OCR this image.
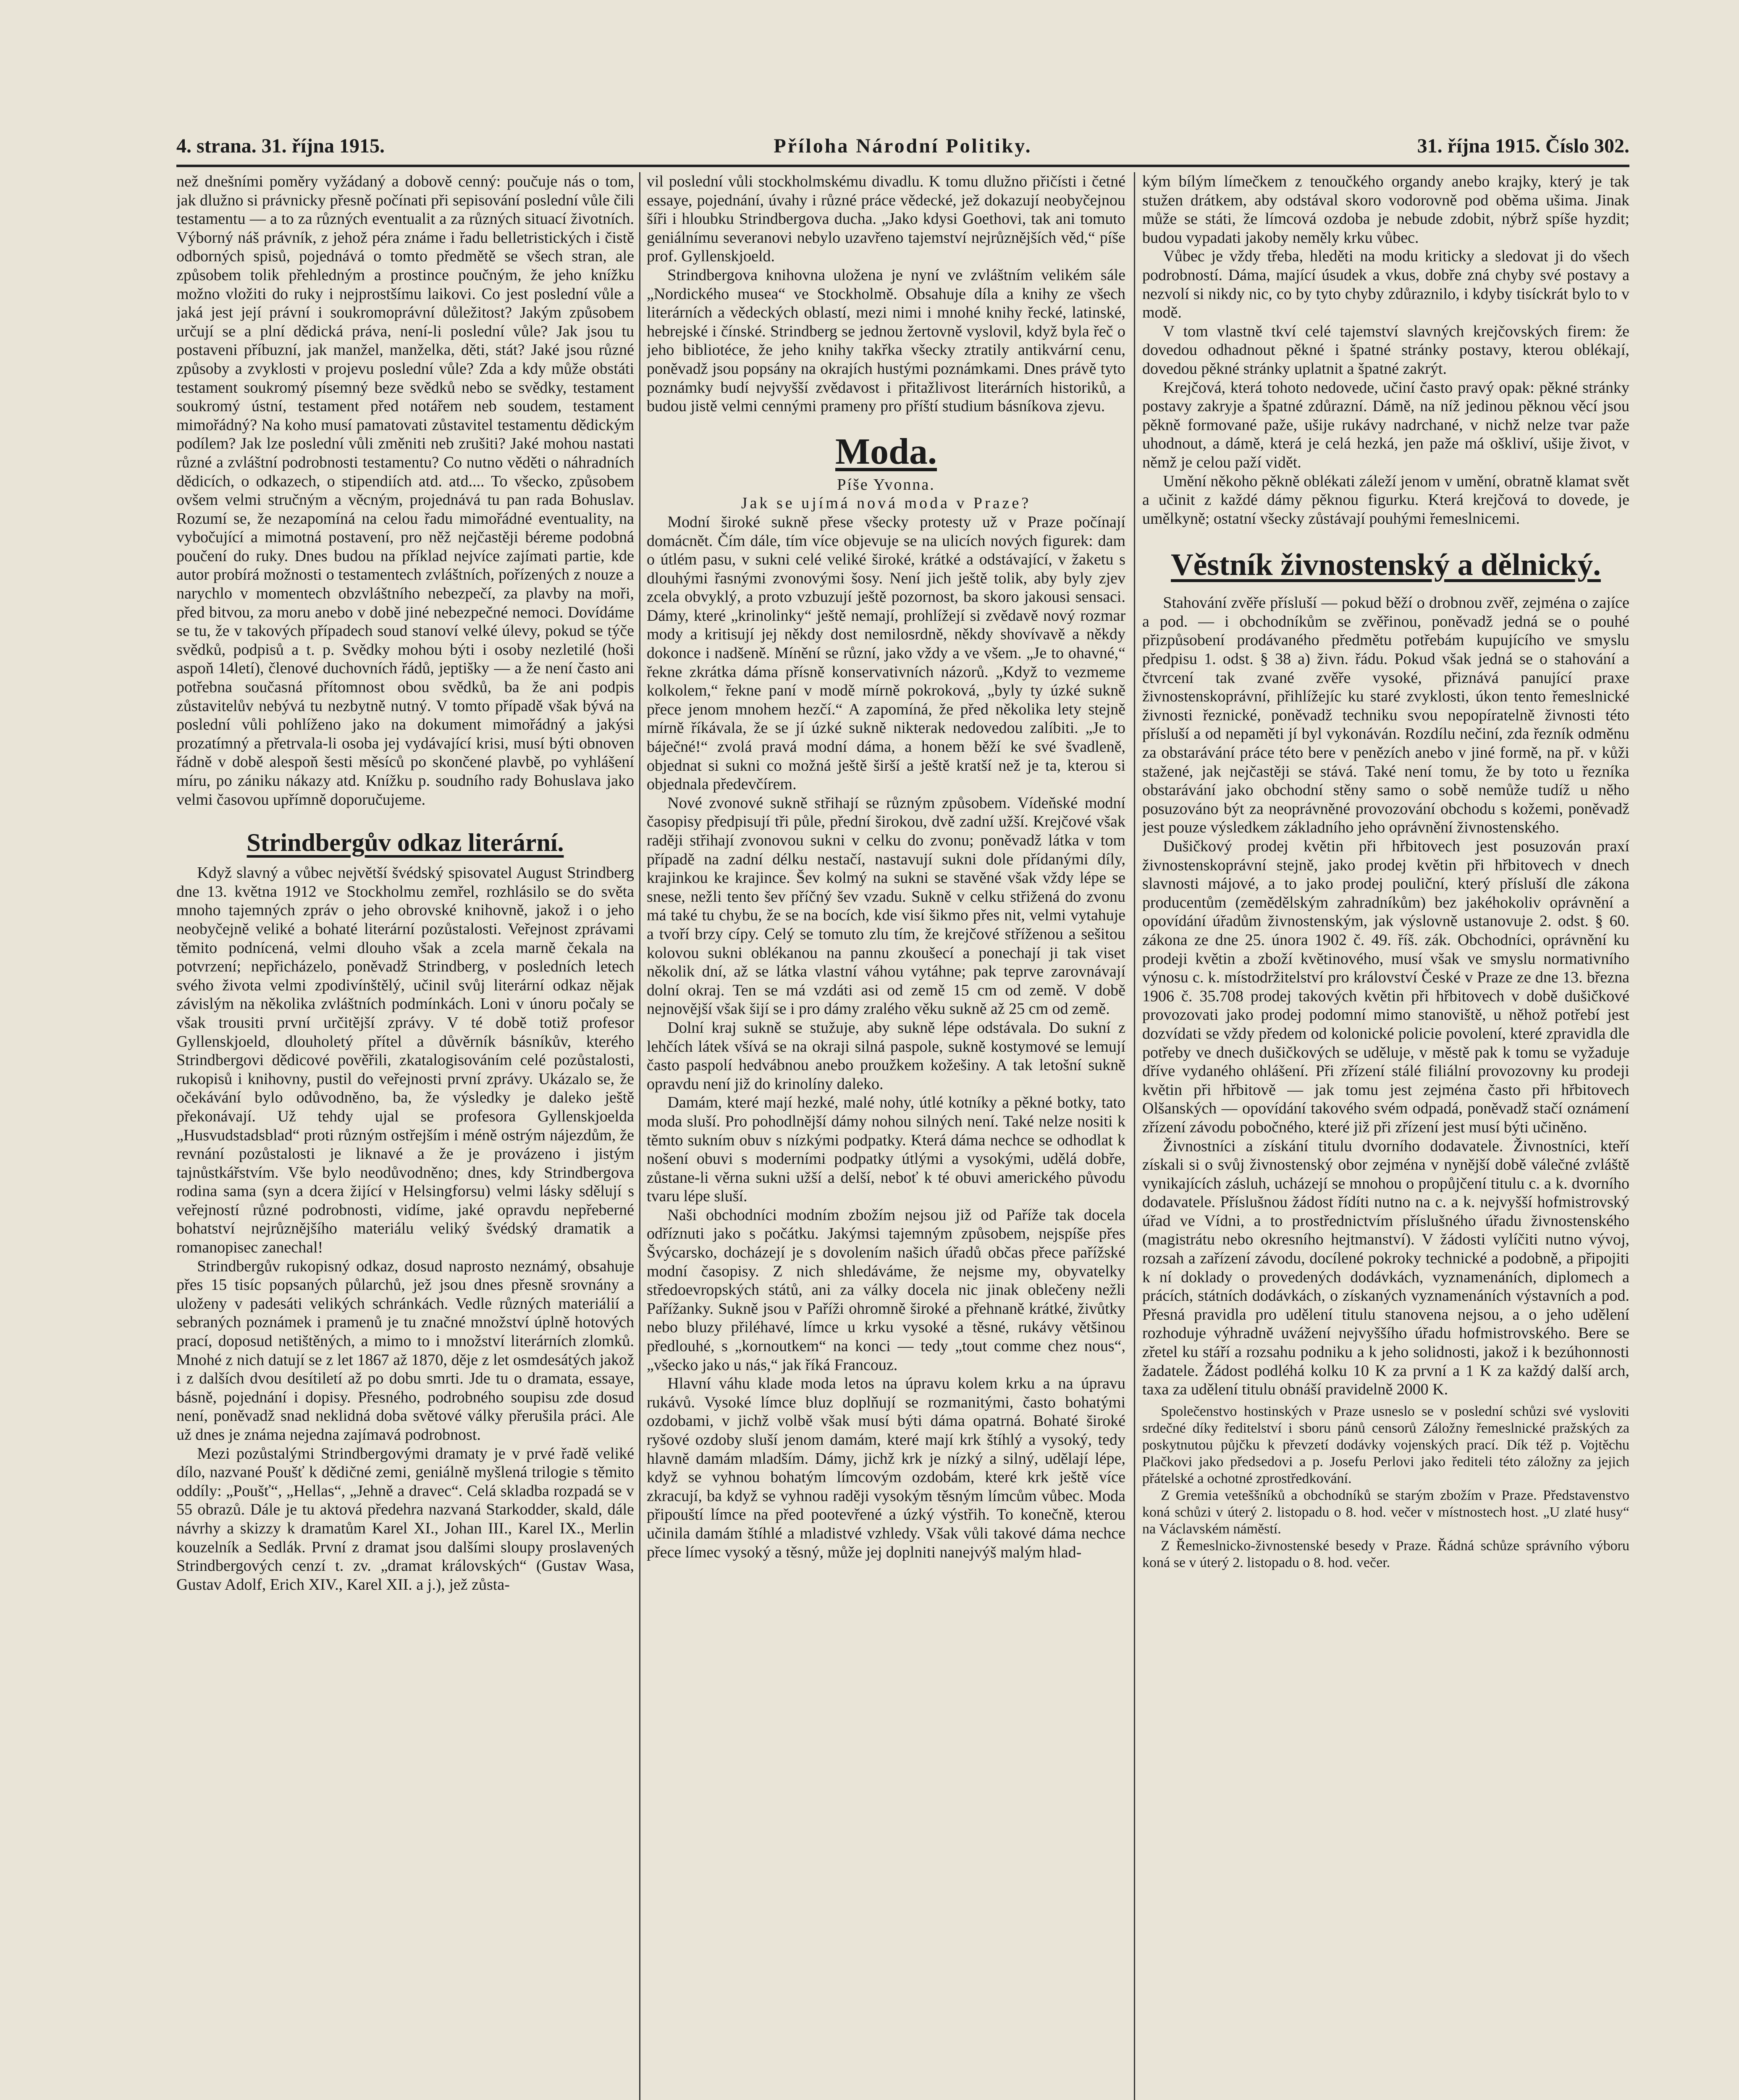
4. strana. 31. října 1915.	Příloha Národní Politiky.	31. října 1915. Číslo 302.

než dnešními poměry vyžádaný a dobově cenný: poučuje nás o tom, jak dlužno si právnicky přesně počínati při sepisování poslední vůle čili testamentu — a to za různých eventualit a za různých situací životních. Výborný náš právník, z jehož péra známe i řadu belletristických i čistě odborných spisů, pojednává o tomto předmětě se všech stran, ale způsobem tolik přehledným a prostince poučným, že jeho knížku možno vložiti do ruky i nejprostšímu laikovi. Co jest poslední vůle a jaká jest její právní i soukromoprávní důležitost? Jakým způsobem určují se a plní dědická práva, není-li poslední vůle? Jak jsou tu postaveni příbuzní, jak manžel, manželka, děti, stát? Jaké jsou různé způsoby a zvyklosti v projevu poslední vůle? Zda a kdy může obstáti testament soukromý písemný beze svědků nebo se svědky, testament soukromý ústní, testament před notářem neb soudem, testament mimořádný? Na koho musí pamatovati zůstavitel testamentu dědickým podílem? Jak lze poslední vůli změniti neb zrušiti? Jaké mohou nastati různé a zvláštní podrobnosti testamentu? Co nutno věděti o náhradních dědicích, o odkazech, o stipendiích atd. atd.... To všecko, způsobem ovšem velmi stručným a věcným, projednává tu pan rada Bohuslav. Rozumí se, že nezapomíná na celou řadu mimořádné eventuality, na vybočující a mimotná postavení, pro něž nejčastěji béreme podobná poučení do ruky. Dnes budou na příklad nejvíce zajímati partie, kde autor probírá možnosti o testamentech zvláštních, pořízených z nouze a narychlo v momentech obzvláštního nebezpečí, za plavby na moři, před bitvou, za moru anebo v době jiné nebezpečné nemoci. Dovídáme se tu, že v takových případech soud stanoví velké úlevy, pokud se týče svědků, podpisů a t. p. Svědky mohou býti i osoby nezletilé (hoši aspoň 14letí), členové duchovních řádů, jeptišky — a že není často ani potřebna současná přítomnost obou svědků, ba že ani podpis zůstavitelův nebývá tu nezbytně nutný. V tomto případě však bývá na poslední vůli pohlíženo jako na dokument mimořádný a jakýsi prozatímný a přetrvala-li osoba jej vydávající krisi, musí býti obnoven řádně v době alespoň šesti měsíců po skončené plavbě, po vyhlášení míru, po zániku nákazy atd. Knížku p. soudního rady Bohuslava jako velmi časovou upřímně doporučujeme.

Strindbergův odkaz literární.

Když slavný a vůbec největší švédský spisovatel August Strindberg dne 13. května 1912 ve Stockholmu zemřel, rozhlásilo se do světa mnoho tajemných zpráv o jeho obrovské knihovně, jakož i o jeho neobyčejně veliké a bohaté literární pozůstalosti. Veřejnost zprávami těmito podnícená, velmi dlouho však a zcela marně čekala na potvrzení; nepřicházelo, poněvadž Strindberg, v posledních letech svého života velmi zpodivínštělý, učinil svůj literární odkaz nějak závislým na několika zvláštních podmínkách. Loni v únoru počaly se však trousiti první určitější zprávy. V té době totiž profesor Gyllenskjoeld, dlouholetý přítel a důvěrník básníkův, kterého Strindbergovi dědicové pověřili, zkatalogisováním celé pozůstalosti, rukopisů i knihovny, pustil do veřejnosti první zprávy. Ukázalo se, že očekávání bylo odůvodněno, ba, že výsledky je daleko ještě překonávají. Už tehdy ujal se profesora Gyllenskjoelda „Husvudstadsblad“ proti různým ostřejším i méně ostrým nájezdům, že revnání pozůstalosti je liknavé a že je provázeno i jistým tajnůstkářstvím. Vše bylo neodůvodněno; dnes, kdy Strindbergova rodina sama (syn a dcera žijící v Helsingforsu) velmi lásky sdělují s veřejností různé podrobnosti, vidíme, jaké opravdu nepřeberné bohatství nejrůznějšího materiálu veliký švédský dramatik a romanopisec zanechal!

Strindbergův rukopisný odkaz, dosud naprosto neznámý, obsahuje přes 15 tisíc popsaných půlarchů, jež jsou dnes přesně srovnány a uloženy v padesáti velikých schránkách. Vedle různých materiálií a sebraných poznámek i pramenů je tu značné množství úplně hotových prací, doposud netištěných, a mimo to i množství literárních zlomků. Mnohé z nich datují se z let 1867 až 1870, děje z let osmdesátých jakož i z dalších dvou desítiletí až po dobu smrti. Jde tu o dramata, essaye, básně, pojednání i dopisy. Přesného, podrobného soupisu zde dosud není, poněvadž snad neklidná doba světové války přerušila práci. Ale už dnes je známa nejedna zajímavá podrobnost.

Mezi pozůstalými Strindbergovými dramaty je v prvé řadě veliké dílo, nazvané Poušť k dědičné zemi, geniálně myšlená trilogie s těmito oddíly: „Poušť“, „Hellas“, „Jehně a dravec“. Celá skladba rozpadá se v 55 obrazů. Dále je tu aktová předehra nazvaná Starkodder, skald, dále návrhy a skizzy k dramatům Karel XI., Johan III., Karel IX., Merlin kouzelník a Sedlák. První z dramat jsou dalšími sloupy proslavených Strindbergových cenzí t. zv. „dramat královských“ (Gustav Wasa, Gustav Adolf, Erich XIV., Karel XII. a j.), jež zůsta-

vil poslední vůli stockholmskému divadlu. K tomu dlužno přičísti i četné essaye, pojednání, úvahy i různé práce vědecké, jež dokazují neobyčejnou šíři i hloubku Strindbergova ducha. „Jako kdysi Goethovi, tak ani tomuto geniálnímu severanovi nebylo uzavřeno tajemství nejrůznějších věd,“ píše prof. Gyllenskjoeld.

Strindbergova knihovna uložena je nyní ve zvláštním velikém sále „Nordického musea“ ve Stockholmě. Obsahuje díla a knihy ze všech literárních a vědeckých oblastí, mezi nimi i mnohé knihy řecké, latinské, hebrejské i čínské. Strindberg se jednou žertovně vyslovil, když byla řeč o jeho bibliotéce, že jeho knihy takřka všecky ztratily antikvární cenu, poněvadž jsou popsány na okrajích hustými poznámkami. Dnes právě tyto poznámky budí nejvyšší zvědavost i přitažlivost literárních historiků, a budou jistě velmi cennými prameny pro příští studium básníkova zjevu.

Moda.
Píše Yvonna.
Jak se ujímá nová moda v Praze?

Modní široké sukně přese všecky protesty už v Praze počínají domácnět. Čím dále, tím více objevuje se na ulicích nových figurek: dam o útlém pasu, v sukni celé veliké široké, krátké a odstávající, v žaketu s dlouhými řasnými zvonovými šosy. Není jich ještě tolik, aby byly zjev zcela obvyklý, a proto vzbuzují ještě pozornost, ba skoro jakousi sensaci. Dámy, které „krinolinky“ ještě nemají, prohlížejí si zvědavě nový rozmar mody a kritisují jej někdy dost nemilosrdně, někdy shovívavě a někdy dokonce i nadšeně. Mínění se různí, jako vždy a ve všem. „Je to ohavné,“ řekne zkrátka dáma přísně konservativních názorů. „Když to vezmeme kolkolem,“ řekne paní v modě mírně pokroková, „byly ty úzké sukně přece jenom mnohem hezčí.“ A zapomíná, že před několika lety stejně mírně říkávala, že se jí úzké sukně nikterak nedovedou zalíbiti. „Je to báječné!“ zvolá pravá modní dáma, a honem běží ke své švadleně, objednat si sukni co možná ještě širší a ještě kratší než je ta, kterou si objednala předevčírem.

Nové zvonové sukně střihají se různým způsobem. Vídeňské modní časopisy předpisují tři půle, přední širokou, dvě zadní užší. Krejčové však raději střihají zvonovou sukni v celku do zvonu; poněvadž látka v tom případě na zadní délku nestačí, nastavují sukni dole přídanými díly, krajinkou ke krajince. Šev kolmý na sukni se stavěné však vždy lépe se snese, nežli tento šev příčný šev vzadu. Sukně v celku střižená do zvonu má také tu chybu, že se na bocích, kde visí šikmo přes nit, velmi vytahuje a tvoří brzy cípy. Celý se tomuto zlu tím, že krejčové stříženou a sešitou kolovou sukni oblékanou na pannu zkoušecí a ponechají ji tak viset několik dní, až se látka vlastní váhou vytáhne; pak teprve zarovnávají dolní okraj. Ten se má vzdáti asi od země 15 cm od země. V době nejnovější však šijí se i pro dámy zralého věku sukně až 25 cm od země.

Dolní kraj sukně se stužuje, aby sukně lépe odstávala. Do sukní z lehčích látek všívá se na okraji silná paspole, sukně kostymové se lemují často paspolí hedvábnou anebo proužkem kožešiny. A tak letošní sukně opravdu není již do krinolíny daleko.

Damám, které mají hezké, malé nohy, útlé kotníky a pěkné botky, tato moda sluší. Pro pohodlnější dámy nohou silných není. Také nelze nositi k těmto sukním obuv s nízkými podpatky. Která dáma nechce se odhodlat k nošení obuvi s moderními podpatky útlými a vysokými, udělá dobře, zůstane-li věrna sukni užší a delší, neboť k té obuvi amerického původu tvaru lépe sluší.

Naši obchodníci modním zbožím nejsou již od Paříže tak docela odříznuti jako s počátku. Jakýmsi tajemným způsobem, nejspíše přes Švýcarsko, docházejí je s dovolením našich úřadů občas přece pařížské modní časopisy. Z nich shledáváme, že nejsme my, obyvatelky středoevropských států, ani za války docela nic jinak oblečeny nežli Pařížanky. Sukně jsou v Paříži ohromně široké a přehnaně krátké, živůtky nebo bluzy přiléhavé, límce u krku vysoké a těsné, rukávy většinou předlouhé, s „kornoutkem“ na konci — tedy „tout comme chez nous“, „všecko jako u nás,“ jak říká Francouz.

Hlavní váhu klade moda letos na úpravu kolem krku a na úpravu rukávů. Vysoké límce bluz doplňují se rozmanitými, často bohatými ozdobami, v jichž volbě však musí býti dáma opatrná. Bohaté široké ryšové ozdoby sluší jenom damám, které mají krk štíhlý a vysoký, tedy hlavně damám mladším. Dámy, jichž krk je nízký a silný, udělají lépe, když se vyhnou bohatým límcovým ozdobám, které krk ještě více zkracují, ba když se vyhnou raději vysokým těsným límcům vůbec. Moda připouští límce na před pootevřené a úzký výstřih. To konečně, kterou učinila damám štíhlé a mladistvé vzhledy. Však vůli takové dáma nechce přece límec vysoký a těsný, může jej doplniti nanejvýš malým hlad-

kým bílým límečkem z tenoučkého organdy anebo krajky, který je tak stužen drátkem, aby odstával skoro vodorovně pod oběma ušima. Jinak může se státi, že límcová ozdoba je nebude zdobit, nýbrž spíše hyzdit; budou vypadati jakoby neměly krku vůbec.

Vůbec je vždy třeba, hleděti na modu kriticky a sledovat ji do všech podrobností. Dáma, mající úsudek a vkus, dobře zná chyby své postavy a nezvolí si nikdy nic, co by tyto chyby zdůraznilo, i kdyby tisíckrát bylo to v modě.

V tom vlastně tkví celé tajemství slavných krejčovských firem: že dovedou odhadnout pěkné i špatné stránky postavy, kterou oblékají, dovedou pěkné stránky uplatnit a špatné zakrýt.

Krejčová, která tohoto nedovede, učiní často pravý opak: pěkné stránky postavy zakryje a špatné zdůrazní. Dámě, na níž jedinou pěknou věcí jsou pěkně formované paže, ušije rukávy nadrchané, v nichž nelze tvar paže uhodnout, a dámě, která je celá hezká, jen paže má oškliví, ušije život, v němž je celou paží vidět.

Umění někoho pěkně oblékati záleží jenom v umění, obratně klamat svět a učinit z každé dámy pěknou figurku. Která krejčová to dovede, je umělkyně; ostatní všecky zůstávají pouhými řemeslnicemi.

Věstník živnostenský a dělnický.

Stahování zvěře přísluší — pokud běží o drobnou zvěř, zejména o zajíce a pod. — i obchodníkům se zvěřinou, poněvadž jedná se o pouhé přizpůsobení prodávaného předmětu potřebám kupujícího ve smyslu předpisu 1. odst. § 38 a) živn. řádu. Pokud však jedná se o stahování a čtvrcení tak zvané zvěře vysoké, přiznává panující praxe živnostenskoprávní, přihlížejíc ku staré zvyklosti, úkon tento řemeslnické živnosti řeznické, poněvadž techniku svou nepopíratelně živnosti této přísluší a od nepaměti jí byl vykonáván. Rozdílu nečiní, zda řezník odměnu za obstarávání práce této bere v penězích anebo v jiné formě, na př. v kůži stažené, jak nejčastěji se stává. Také není tomu, že by toto u řezníka obstarávání jako obchodní stěny samo o sobě nemůže tudíž u něho posuzováno být za neoprávněné provozování obchodu s kožemi, poněvadž jest pouze výsledkem základního jeho oprávnění živnostenského.

Dušičkový prodej květin při hřbitovech jest posuzován praxí živnostenskoprávní stejně, jako prodej květin při hřbitovech v dnech slavnosti májové, a to jako prodej pouliční, který přísluší dle zákona producentům (zemědělským zahradníkům) bez jakéhokoliv oprávnění a opovídání úřadům živnostenským, jak výslovně ustanovuje 2. odst. § 60. zákona ze dne 25. února 1902 č. 49. říš. zák. Obchodníci, oprávnění ku prodeji květin a zboží květinového, musí však ve smyslu normativního výnosu c. k. místodržitelství pro království České v Praze ze dne 13. března 1906 č. 35.708 prodej takových květin při hřbitovech v době dušičkové provozovati jako prodej podomní mimo stanoviště, u něhož potřebí jest dozvídati se vždy předem od kolonické policie povolení, které zpravidla dle potřeby ve dnech dušičkových se uděluje, v městě pak k tomu se vyžaduje dříve vydaného ohlášení. Při zřízení stálé filiální provozovny ku prodeji květin při hřbitově — jak tomu jest zejména často při hřbitovech Olšanských — opovídání takového svém odpadá, poněvadž stačí oznámení zřízení závodu pobočného, které již při zřízení jest musí býti učiněno.

Živnostníci a získání titulu dvorního dodavatele. Živnostníci, kteří získali si o svůj živnostenský obor zejména v nynější době válečné zvláště vynikajících zásluh, ucházejí se mnohou o propůjčení titulu c. a k. dvorního dodavatele. Příslušnou žádost řídíti nutno na c. a k. nejvyšší hofmistrovský úřad ve Vídni, a to prostřednictvím příslušného úřadu živnostenského (magistrátu nebo okresního hejtmanství). V žádosti vylíčiti nutno vývoj, rozsah a zařízení závodu, docílené pokroky technické a podobně, a připojiti k ní doklady o provedených dodávkách, vyznamenáních, diplomech a prácích, státních dodávkách, o získaných vyznamenáních výstavních a pod. Přesná pravidla pro udělení titulu stanovena nejsou, a o jeho udělení rozhoduje výhradně uvážení nejvyššího úřadu hofmistrovského. Bere se zřetel ku stáří a rozsahu podniku a k jeho solidnosti, jakož i k bezúhonnosti žadatele. Žádost podléhá kolku 10 K za první a 1 K za každý další arch, taxa za udělení titulu obnáší pravidelně 2000 K.

Společenstvo hostinských v Praze usneslo se v poslední schůzi své vysloviti srdečné díky ředitelství i sboru pánů censorů Záložny řemeslnické pražských za poskytnutou půjčku k převzetí dodávky vojenských prací. Dík též p. Vojtěchu Plačkovi jako předsedovi a p. Josefu Perlovi jako řediteli této záložny za jejich přátelské a ochotné zprostředkování.

Z Gremia veteššníků a obchodníků se starým zbožím v Praze. Představenstvo koná schůzi v úterý 2. listopadu o 8. hod. večer v místnostech host. „U zlaté husy“ na Václavském náměstí.

Z Řemeslnicko-živnostenské besedy v Praze. Řádná schůze správního výboru koná se v úterý 2. listopadu o 8. hod. večer.
